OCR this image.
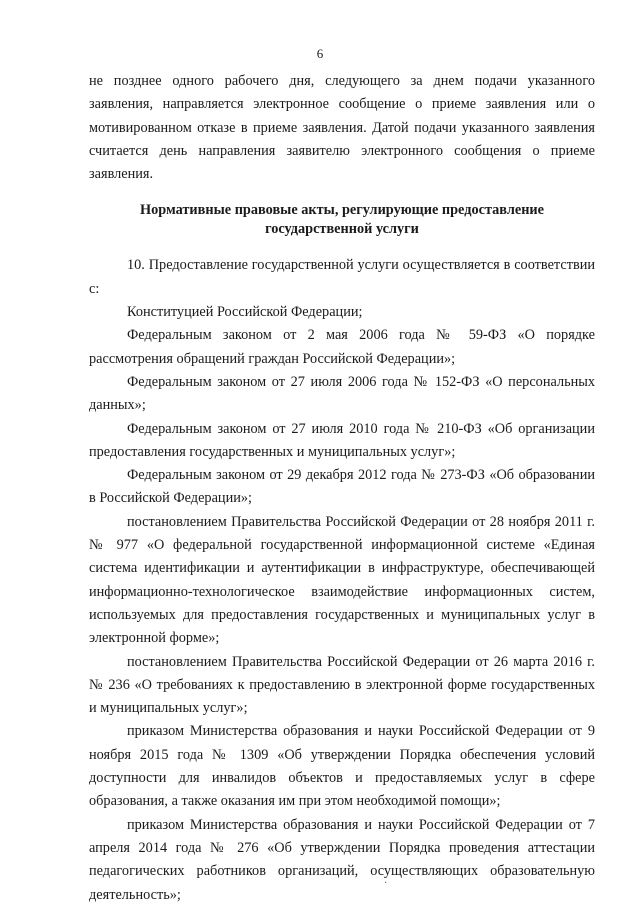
6

не позднее одного рабочего дня, следующего за днем подачи указанного заявления, направляется электронное сообщение о приеме заявления или о мотивированном отказе в приеме заявления. Датой подачи указанного заявления считается день направления заявителю электронного сообщения о приеме заявления.

Нормативные правовые акты, регулирующие предоставление
государственной услуги

10. Предоставление государственной услуги осуществляется в соответствии с:

Конституцией Российской Федерации;

Федеральным законом от 2 мая 2006 года № 59-ФЗ «О порядке рассмотрения обращений граждан Российской Федерации»;

Федеральным законом от 27 июля 2006 года № 152-ФЗ «О персональных данных»;

Федеральным законом от 27 июля 2010 года № 210-ФЗ «Об организации предоставления государственных и муниципальных услуг»;

Федеральным законом от 29 декабря 2012 года № 273-ФЗ «Об образовании в Российской Федерации»;

постановлением Правительства Российской Федерации от 28 ноября 2011 г. № 977 «О федеральной государственной информационной системе «Единая система идентификации и аутентификации в инфраструктуре, обеспечивающей информационно-технологическое взаимодействие информационных систем, используемых для предоставления государственных и муниципальных услуг в электронной форме»;

постановлением Правительства Российской Федерации от 26 марта 2016 г. № 236 «О требованиях к предоставлению в электронной форме государственных и муниципальных услуг»;

приказом Министерства образования и науки Российской Федерации от 9 ноября 2015 года № 1309 «Об утверждении Порядка обеспечения условий доступности для инвалидов объектов и предоставляемых услуг в сфере образования, а также оказания им при этом необходимой помощи»;

приказом Министерства образования и науки Российской Федерации от 7 апреля 2014 года № 276 «Об утверждении Порядка проведения аттестации педагогических работников организаций, осуществляющих образовательную деятельность»;

·
